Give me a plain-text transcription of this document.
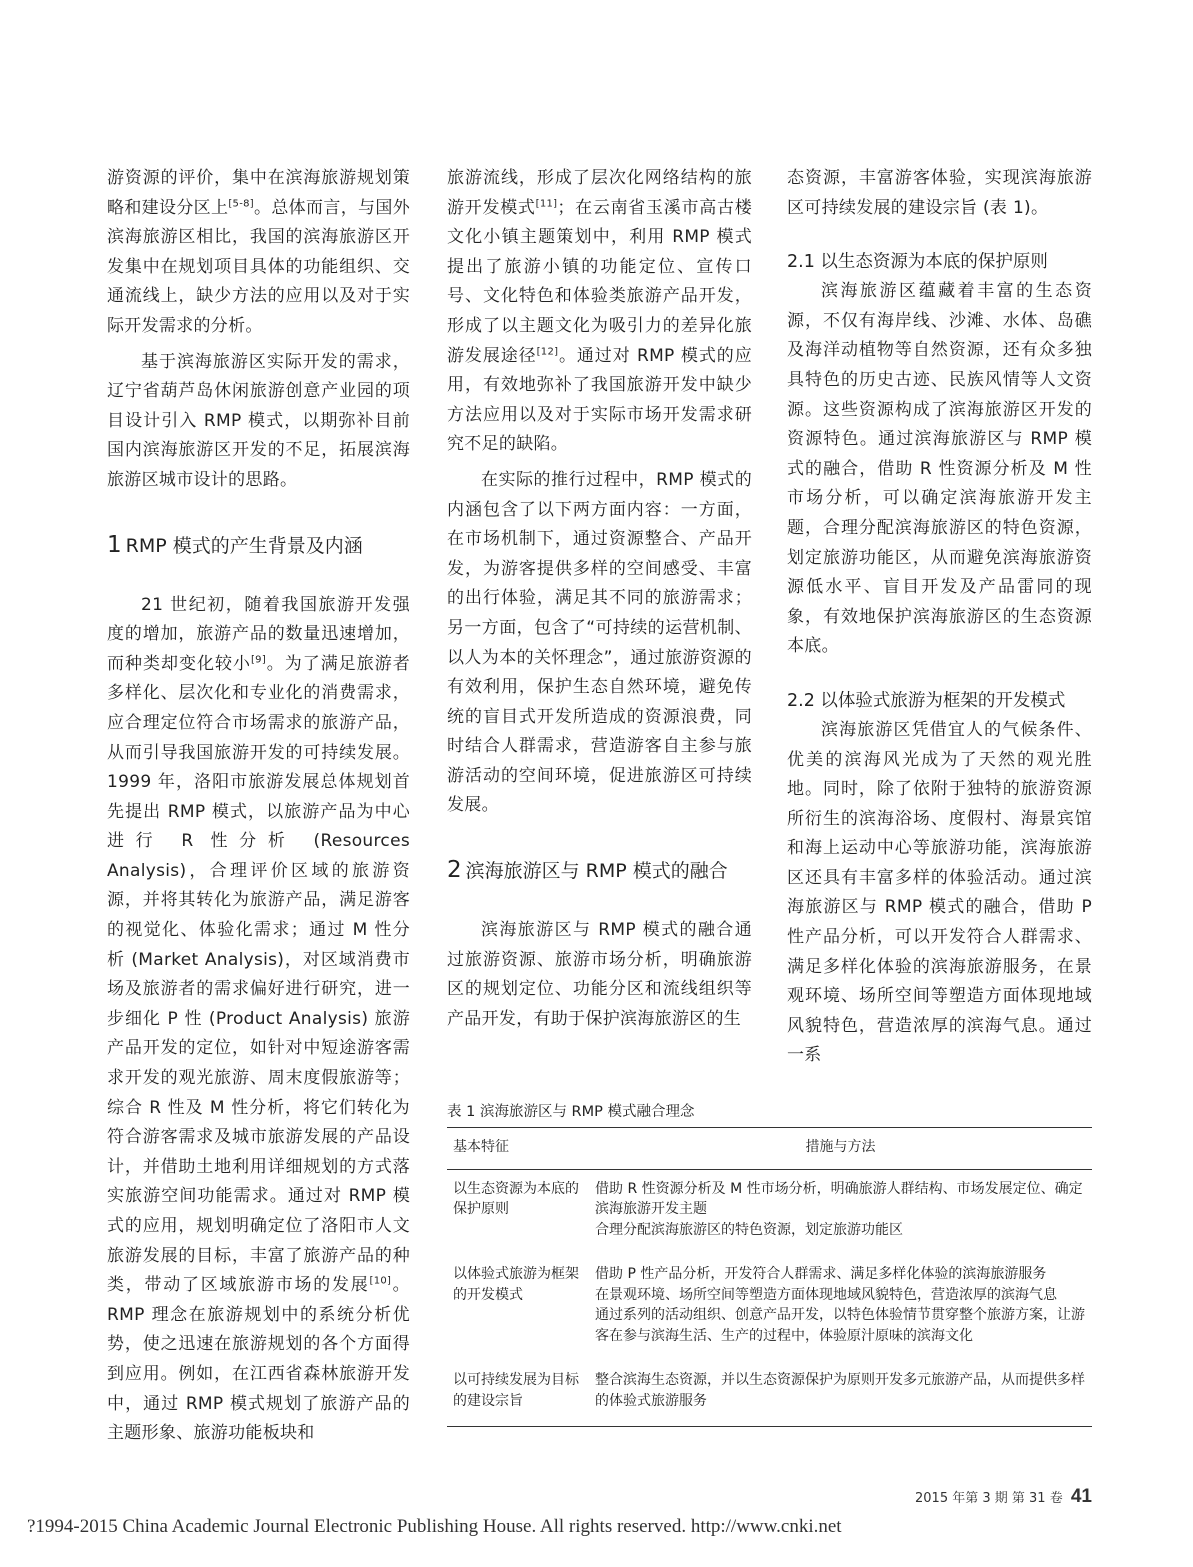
游资源的评价，集中在滨海旅游规划策略和建设分区上[5-8]。总体而言，与国外滨海旅游区相比，我国的滨海旅游区开发集中在规划项目具体的功能组织、交通流线上，缺少方法的应用以及对于实际开发需求的分析。

基于滨海旅游区实际开发的需求，辽宁省葫芦岛休闲旅游创意产业园的项目设计引入 RMP 模式，以期弥补目前国内滨海旅游区开发的不足，拓展滨海旅游区城市设计的思路。

1 RMP 模式的产生背景及内涵

21 世纪初，随着我国旅游开发强度的增加，旅游产品的数量迅速增加，而种类却变化较小[9]。为了满足旅游者多样化、层次化和专业化的消费需求，应合理定位符合市场需求的旅游产品，从而引导我国旅游开发的可持续发展。1999 年，洛阳市旅游发展总体规划首先提出 RMP 模式，以旅游产品为中心进行 R 性分析 (Resources Analysis)，合理评价区域的旅游资源，并将其转化为旅游产品，满足游客的视觉化、体验化需求；通过 M 性分析 (Market Analysis)，对区域消费市场及旅游者的需求偏好进行研究，进一步细化 P 性 (Product Analysis) 旅游产品开发的定位，如针对中短途游客需求开发的观光旅游、周末度假旅游等；综合 R 性及 M 性分析，将它们转化为符合游客需求及城市旅游发展的产品设计，并借助土地利用详细规划的方式落实旅游空间功能需求。通过对 RMP 模式的应用，规划明确定位了洛阳市人文旅游发展的目标，丰富了旅游产品的种类，带动了区域旅游市场的发展[10]。RMP 理念在旅游规划中的系统分析优势，使之迅速在旅游规划的各个方面得到应用。例如，在江西省森林旅游开发中，通过 RMP 模式规划了旅游产品的主题形象、旅游功能板块和

旅游流线，形成了层次化网络结构的旅游开发模式[11]；在云南省玉溪市高古楼文化小镇主题策划中，利用 RMP 模式提出了旅游小镇的功能定位、宣传口号、文化特色和体验类旅游产品开发，形成了以主题文化为吸引力的差异化旅游发展途径[12]。通过对 RMP 模式的应用，有效地弥补了我国旅游开发中缺少方法应用以及对于实际市场开发需求研究不足的缺陷。

在实际的推行过程中，RMP 模式的内涵包含了以下两方面内容：一方面，在市场机制下，通过资源整合、产品开发，为游客提供多样的空间感受、丰富的出行体验，满足其不同的旅游需求；另一方面，包含了“可持续的运营机制、以人为本的关怀理念”，通过旅游资源的有效利用，保护生态自然环境，避免传统的盲目式开发所造成的资源浪费，同时结合人群需求，营造游客自主参与旅游活动的空间环境，促进旅游区可持续发展。

2 滨海旅游区与 RMP 模式的融合

滨海旅游区与 RMP 模式的融合通过旅游资源、旅游市场分析，明确旅游区的规划定位、功能分区和流线组织等产品开发，有助于保护滨海旅游区的生

态资源，丰富游客体验，实现滨海旅游区可持续发展的建设宗旨 (表 1)。

2.1 以生态资源为本底的保护原则

滨海旅游区蕴藏着丰富的生态资源，不仅有海岸线、沙滩、水体、岛礁及海洋动植物等自然资源，还有众多独具特色的历史古迹、民族风情等人文资源。这些资源构成了滨海旅游区开发的资源特色。通过滨海旅游区与 RMP 模式的融合，借助 R 性资源分析及 M 性市场分析，可以确定滨海旅游开发主题，合理分配滨海旅游区的特色资源，划定旅游功能区，从而避免滨海旅游资源低水平、盲目开发及产品雷同的现象，有效地保护滨海旅游区的生态资源本底。

2.2 以体验式旅游为框架的开发模式

滨海旅游区凭借宜人的气候条件、优美的滨海风光成为了天然的观光胜地。同时，除了依附于独特的旅游资源所衍生的滨海浴场、度假村、海景宾馆和海上运动中心等旅游功能，滨海旅游区还具有丰富多样的体验活动。通过滨海旅游区与 RMP 模式的融合，借助 P 性产品分析，可以开发符合人群需求、满足多样化体验的滨海旅游服务，在景观环境、场所空间等塑造方面体现地域风貌特色，营造浓厚的滨海气息。通过一系

表 1 滨海旅游区与 RMP 模式融合理念
基本特征	措施与方法
以生态资源为本底的保护原则	借助 R 性资源分析及 M 性市场分析，明确旅游人群结构、市场发展定位、确定滨海旅游开发主题
合理分配滨海旅游区的特色资源，划定旅游功能区

以体验式旅游为框架的开发模式	借助 P 性产品分析，开发符合人群需求、满足多样化体验的滨海旅游服务
在景观环境、场所空间等塑造方面体现地域风貌特色，营造浓厚的滨海气息
通过系列的活动组织、创意产品开发，以特色体验情节贯穿整个旅游方案，让游客在参与滨海生活、生产的过程中，体验原汁原味的滨海文化

以可持续发展为目标的建设宗旨	整合滨海生态资源，并以生态资源保护为原则开发多元旅游产品，从而提供多样的体验式旅游服务
2015 年第 3 期 第 31 卷 41
?1994-2015 China Academic Journal Electronic Publishing House. All rights reserved. http://www.cnki.net
